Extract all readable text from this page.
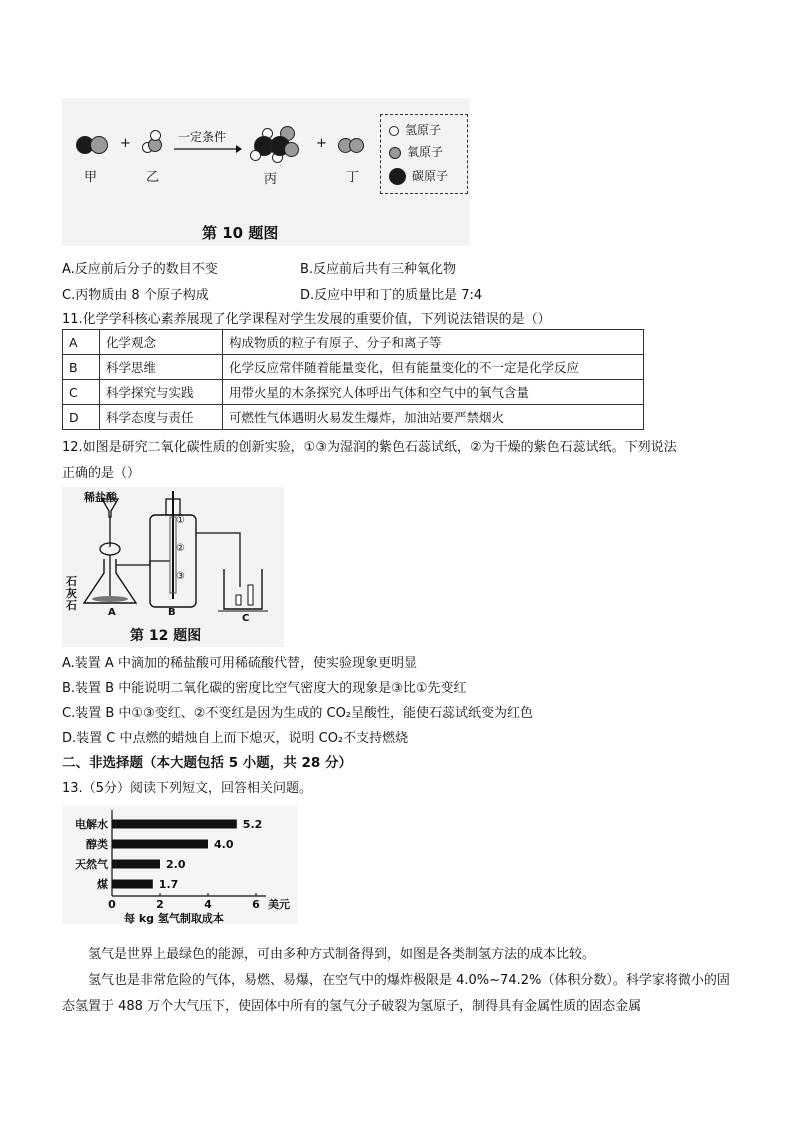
甲
+
乙
一定条件
丙
+
丁
氢原子
氧原子
碳原子
第 10 题图
A.反应前后分子的数目不变	B.反应前后共有三种氧化物
C.丙物质由 8 个原子构成	D.反应中甲和丁的质量比是 7:4
11.化学学科核心素养展现了化学课程对学生发展的重要价值，下列说法错误的是（）
A	化学观念	构成物质的粒子有原子、分子和离子等
B	科学思维	化学反应常伴随着能量变化，但有能量变化的不一定是化学反应
C	科学探究与实践	用带火星的木条探究人体呼出气体和空气中的氧气含量
D	科学态度与责任	可燃性气体遇明火易发生爆炸，加油站要严禁烟火
12.如图是研究二氧化碳性质的创新实验，①③为湿润的紫色石蕊试纸，②为干燥的紫色石蕊试纸。下列说法
正确的是（）
稀盐酸
石
灰
石
A	B
C
①
②
③
第 12 题图
A.装置 A 中滴加的稀盐酸可用稀硫酸代替，使实验现象更明显
B.装置 B 中能说明二氧化碳的密度比空气密度大的现象是③比①先变红
C.装置 B 中①③变红、②不变红是因为生成的 CO₂呈酸性，能使石蕊试纸变为红色
D.装置 C 中点燃的蜡烛自上而下熄灭，说明 CO₂不支持燃烧
二、非选择题（本大题包括 5 小题，共 28 分）
13.（5分）阅读下列短文，回答相关问题。
电解水	5.2
醇类	4.0
天然气	2.0
煤	1.7
0	2	4	6 美元
每 kg 氢气制取成本
氢气是世界上最绿色的能源，可由多种方式制备得到，如图是各类制氢方法的成本比较。
氢气也是非常危险的气体，易燃、易爆，在空气中的爆炸极限是 4.0%~74.2%（体积分数）。科学家将微小的固态氢置于 488 万个大气压下，使固体中所有的氢气分子破裂为氢原子，制得具有金属性质的固态金属
